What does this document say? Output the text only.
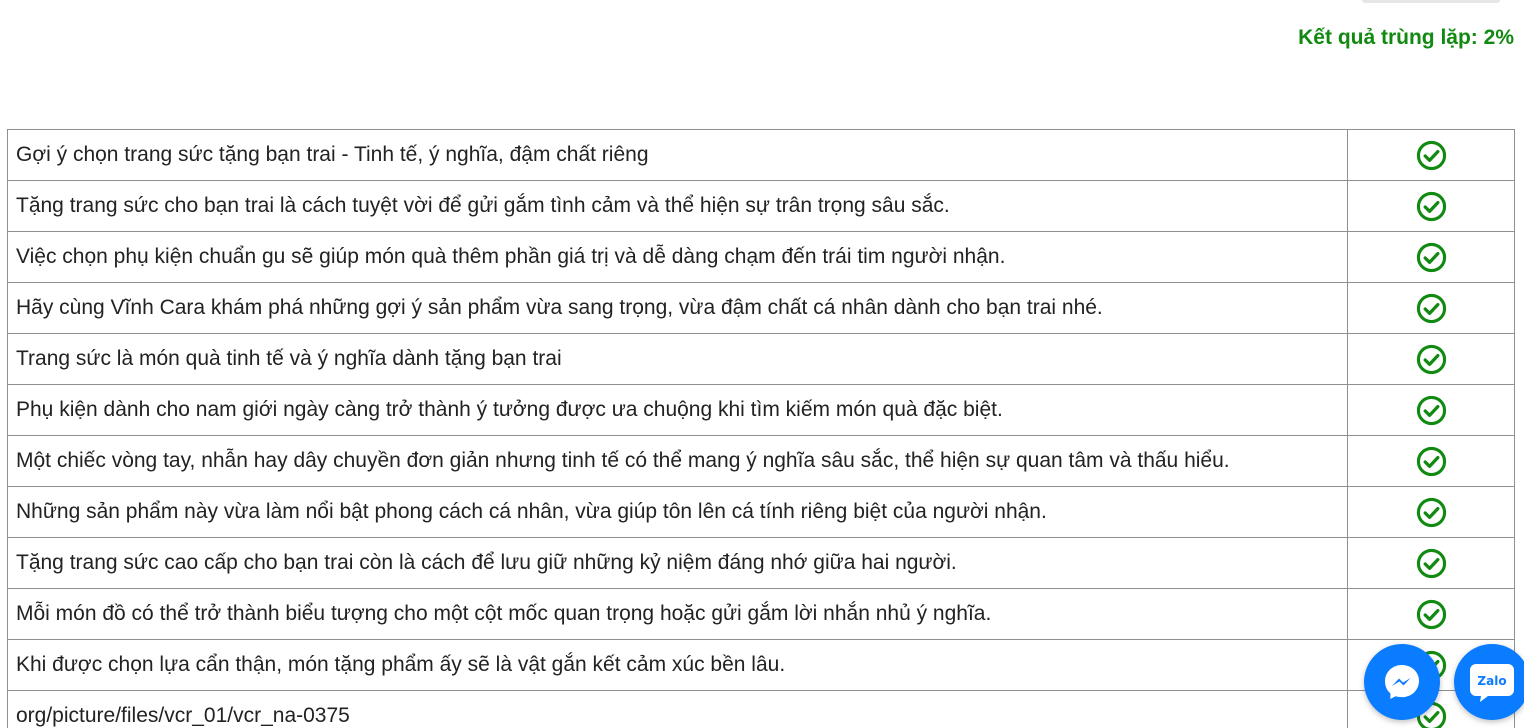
Kết quả trùng lặp: 2%
Gợi ý chọn trang sức tặng bạn trai - Tinh tế, ý nghĩa, đậm chất riêng	
Tặng trang sức cho bạn trai là cách tuyệt vời để gửi gắm tình cảm và thể hiện sự trân trọng sâu sắc.	
Việc chọn phụ kiện chuẩn gu sẽ giúp món quà thêm phần giá trị và dễ dàng chạm đến trái tim người nhận.	
Hãy cùng Vĩnh Cara khám phá những gợi ý sản phẩm vừa sang trọng, vừa đậm chất cá nhân dành cho bạn trai nhé.	
Trang sức là món quà tinh tế và ý nghĩa dành tặng bạn trai	
Phụ kiện dành cho nam giới ngày càng trở thành ý tưởng được ưa chuộng khi tìm kiếm món quà đặc biệt.	
Một chiếc vòng tay, nhẫn hay dây chuyền đơn giản nhưng tinh tế có thể mang ý nghĩa sâu sắc, thể hiện sự quan tâm và thấu hiểu.	
Những sản phẩm này vừa làm nổi bật phong cách cá nhân, vừa giúp tôn lên cá tính riêng biệt của người nhận.	
Tặng trang sức cao cấp cho bạn trai còn là cách để lưu giữ những kỷ niệm đáng nhớ giữa hai người.	
Mỗi món đồ có thể trở thành biểu tượng cho một cột mốc quan trọng hoặc gửi gắm lời nhắn nhủ ý nghĩa.	
Khi được chọn lựa cẩn thận, món tặng phẩm ấy sẽ là vật gắn kết cảm xúc bền lâu.	
org/picture/files/vcr_01/vcr_na-0375	
Zalo
